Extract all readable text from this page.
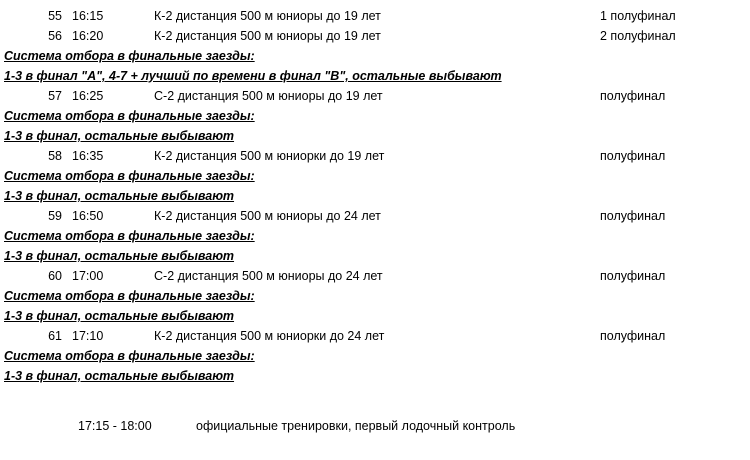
55 16:15	К-2 дистанция 500 м юниоры до 19 лет	1 полуфинал
56 16:20	К-2 дистанция 500 м юниоры до 19 лет	2 полуфинал
Система отбора в финальные заезды:
1-3 в финал "А", 4-7 + лучший по времени в финал "В", остальные выбывают
57 16:25	С-2 дистанция 500 м юниоры до 19 лет	полуфинал
Система отбора в финальные заезды:
1-3 в финал, остальные выбывают
58 16:35	К-2 дистанция 500 м юниорки до 19 лет	полуфинал
Система отбора в финальные заезды:
1-3 в финал, остальные выбывают
59 16:50	К-2 дистанция 500 м юниоры до 24 лет	полуфинал
Система отбора в финальные заезды:
1-3 в финал, остальные выбывают
60 17:00	С-2 дистанция 500 м юниоры до 24 лет	полуфинал
Система отбора в финальные заезды:
1-3 в финал, остальные выбывают
61 17:10	К-2 дистанция 500 м юниорки до 24 лет	полуфинал
Система отбора в финальные заезды:
1-3 в финал, остальные выбывают
17:15 - 18:00	официальные тренировки, первый лодочный контроль
